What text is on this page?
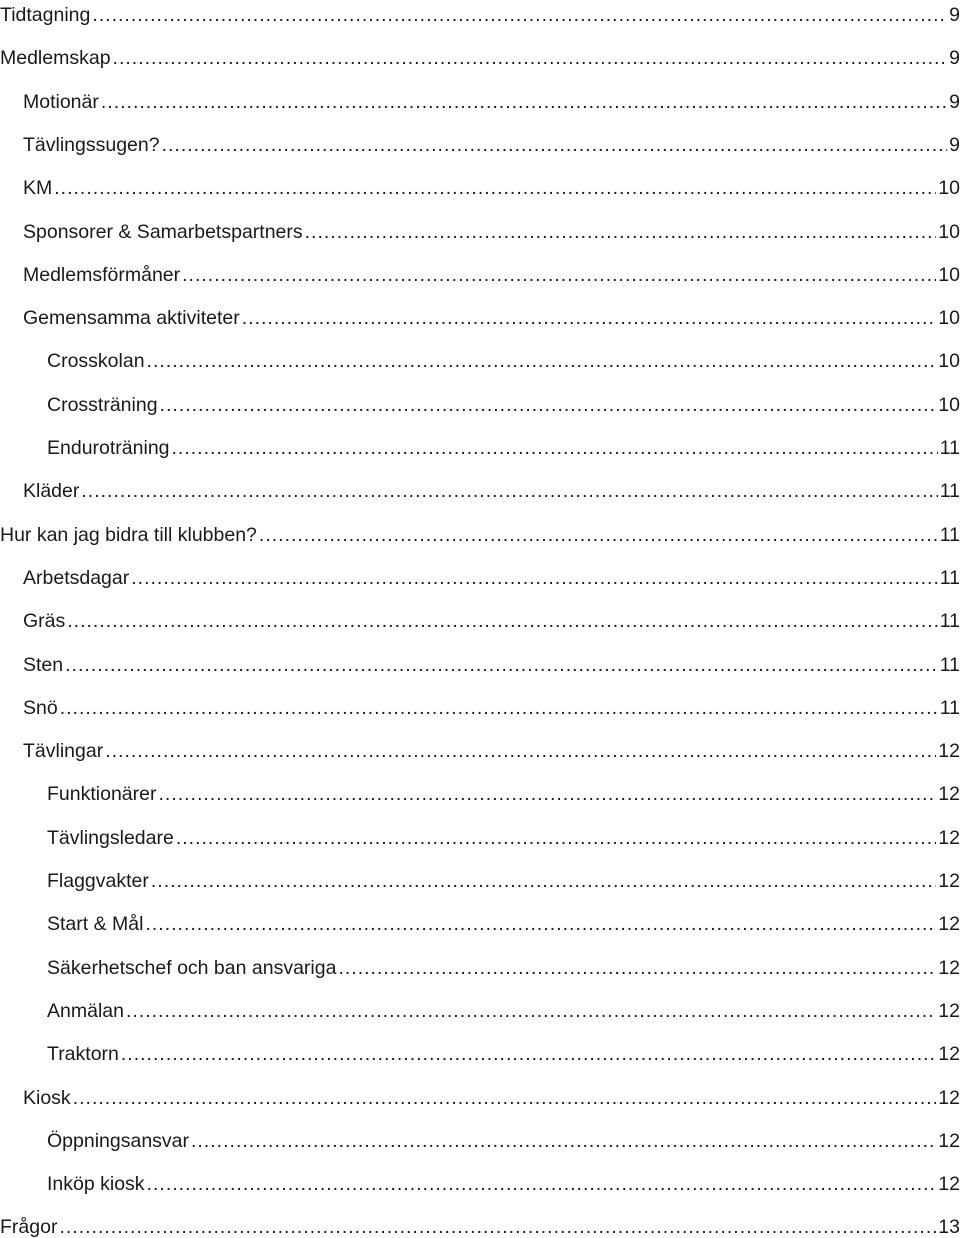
Tidtagning .....	9
Medlemskap .....	9
Motionär .....	9
Tävlingssugen? .....	9
KM .....	10
Sponsorer & Samarbetspartners .....	10
Medlemsförmåner .....	10
Gemensamma aktiviteter .....	10
Crosskolan .....	10
Crossträning .....	10
Enduroträning .....	11
Kläder .....	11
Hur kan jag bidra till klubben? .....	11
Arbetsdagar .....	11
Gräs .....	11
Sten .....	11
Snö .....	11
Tävlingar .....	12
Funktionärer .....	12
Tävlingsledare .....	12
Flaggvakter .....	12
Start & Mål .....	12
Säkerhetschef och ban ansvariga .....	12
Anmälan .....	12
Traktorn .....	12
Kiosk .....	12
Öppningsansvar .....	12
Inköp kiosk .....	12
Frågor .....	13
